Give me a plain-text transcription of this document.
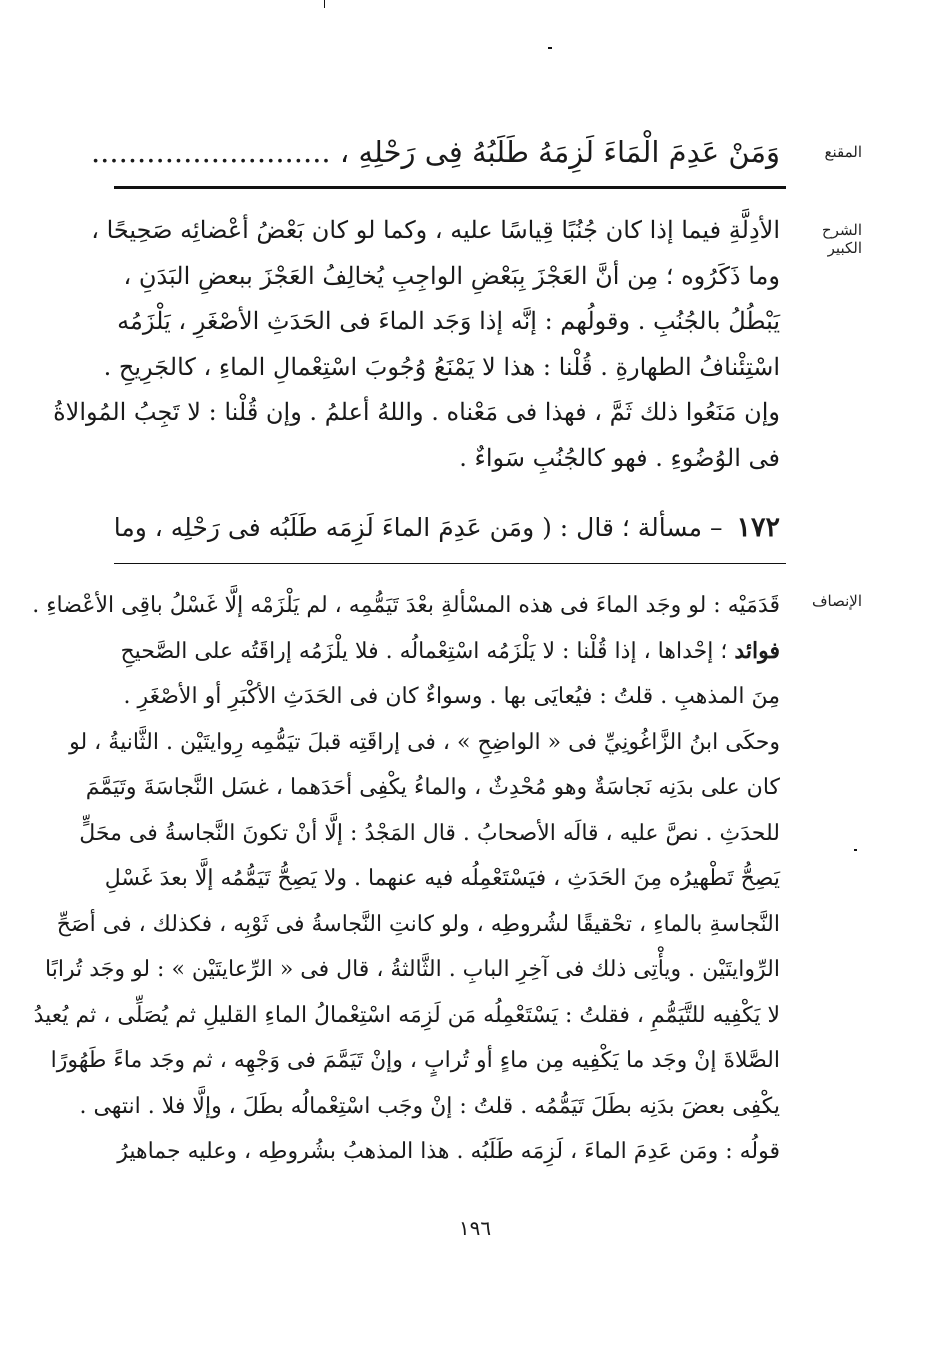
المقنع
وَمَنْ عَدِمَ الْمَاءَ لَزِمَهُ طَلَبُهُ فِى رَحْلِهِ ، ..........................
الشرح الكبير
الأدِلَّةِ فيما إذا كان جُنُبًا قِياسًا عليه ، وكما لو كان بَعْضُ أعْضائِه صَحِيحًا ،
وما ذَكَرُوه ؛ مِن أنَّ العَجْزَ بِبَعْضِ الواجِبِ يُخالِفُ العَجْزَ ببعضِ البَدَنِ ،
يَبْطُلُ بالجُنُبِ . وقولُهم : إنَّه إذا وَجَد الماءَ فى الحَدَثِ الأصْغَرِ ، يَلْزَمُه
اسْتِئْنافُ الطهارةِ . قُلْنا : هذا لا يَمْنَعُ وُجُوبَ اسْتِعْمالِ الماءِ ، كالجَرِيحِ .
وإن مَنَعُوا ذلك ثَمَّ ، فهذا فى مَعْناه . واللهُ أعلمُ . وإن قُلْنا : لا تَجِبُ المُوالاةُ
فى الوُضُوءِ . فهو كالجُنُبِ سَواءٌ .
١٧٢ – مسألة ؛ قال : ( ومَن عَدِمَ الماءَ لَزِمَه طَلَبُه فى رَحْلِه ، وما
الإنصاف
قَدَمَيْه : لو وجَد الماءَ فى هذه المسْألةِ بعْدَ تَيَمُّمِه ، لم يَلْزَمْه إلَّا غَسْلُ باقِى الأعْضاءِ .
فوائد ؛ إحْداها ، إذا قُلْنا : لا يَلْزَمُه اسْتِعْمالُه . فلا يلْزَمُه إراقَتُه على الصَّحيحِ
مِنَ المذهبِ . قلتُ : فيُعايَى بها . وسواءٌ كان فى الحَدَثِ الأكْبَرِ أو الأصْغَرِ .
وحكَى ابنُ الزَّاغُونِيِّ فى « الواضِحِ » ، فى إراقَتِه قبلَ تيَمُّمِه رِوايتَيْن . الثَّانيةُ ، لو
كان على بدَنِه نَجاسَةٌ وهو مُحْدِثٌ ، والماءُ يكْفِى أحَدَهما ، غسَل النَّجاسَةَ وتَيَمَّمَ
للحدَثِ . نصَّ عليه ، قالَه الأصحابُ . قال المَجْدُ : إلَّا أنْ تكونَ النَّجاسةُ فى محَلٍّ
يَصِحُّ تَطْهيرُه مِنَ الحَدَثِ ، فيَسْتَعْمِلُه فيه عنهما . ولا يَصِحُّ تَيَمُّمُه إلَّا بعدَ غَسْلِ
النَّجاسةِ بالماءِ ، تحْقيقًا لشُروطِه ، ولو كانتِ النَّجاسةُ فى ثَوْبِه ، فكذلك ، فى أصَحِّ
الرِّوايتَيْن . ويأْتِى ذلك فى آخِرِ البابِ . الثَّالثةُ ، قال فى « الرِّعايتَيْن » : لو وجَد تُرابًا
لا يَكْفِيه للتَّيَمُّمِ ، فقلتُ : يَسْتَعْمِلُه مَن لَزِمَه اسْتِعْمالُ الماءِ القليلِ ثم يُصَلِّى ، ثم يُعيدُ
الصَّلاةَ إنْ وجَد ما يَكْفِيه مِن ماءٍ أو تُرابٍ ، وإنْ تَيَمَّمَ فى وَجْهِه ، ثم وجَد ماءً طَهُورًا
يكْفِى بعضَ بدَنِه بطَلَ تَيَمُّمُه . قلتُ : إنْ وجَب اسْتِعْمالُه بطَلَ ، وإلَّا فلا . انتهى .
قولُه : ومَن عَدِمَ الماءَ ، لَزِمَه طَلَبُه . هذا المذهبُ بشُروطِه ، وعليه جماهيرُ
١٩٦
